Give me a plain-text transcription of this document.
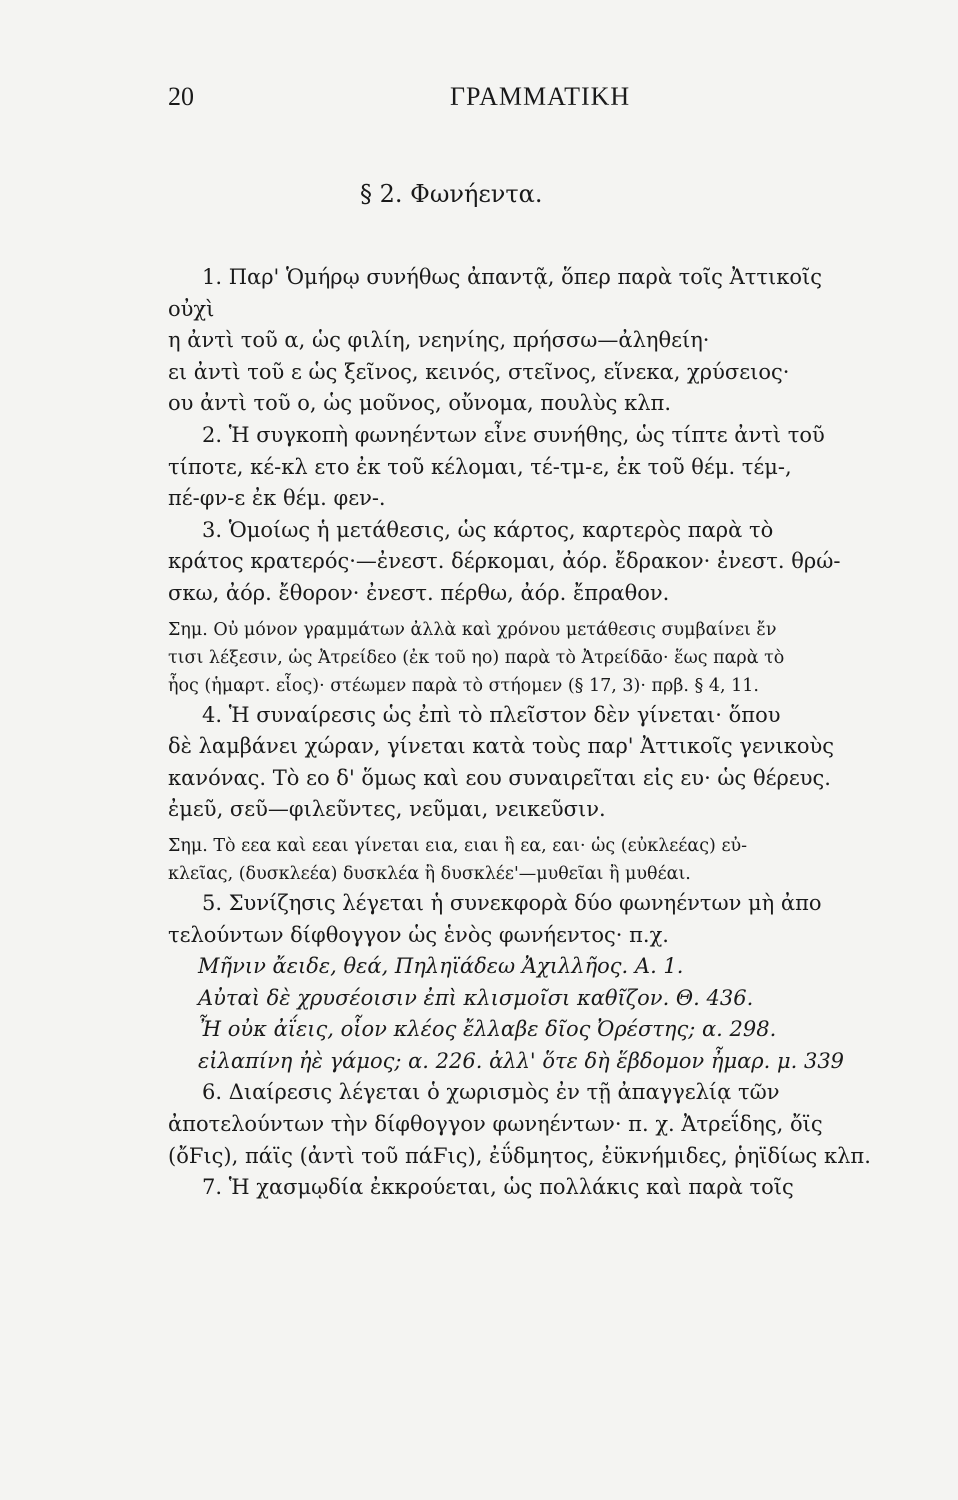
20	ΓΡΑΜΜΑΤΙΚΗ
§ 2. Φωνήεντα.
1. Παρ' Ὁμήρῳ συνήθως ἀπαντᾷ, ὅπερ παρὰ τοῖς Ἀττικοῖς
οὐχὶ
η ἀντὶ τοῦ α, ὡς φιλίη, νεηνίης, πρήσσω—ἀληθείη·
ει ἀντὶ τοῦ ε ὡς ξεῖνος, κεινός, στεῖνος, εἵνεκα, χρύσειος·
ου ἀντὶ τοῦ ο, ὡς μοῦνος, οὔνομα, πουλὺς κλπ.
2. Ἡ συγκοπὴ φωνηέντων εἶνε συνήθης, ὡς τίπτε ἀντὶ τοῦ
τίποτε, κέ-κλ ετο ἐκ τοῦ κέλομαι, τέ-τμ-ε, ἐκ τοῦ θέμ. τέμ-,
πέ-φν-ε ἐκ θέμ. φεν-.
3. Ὁμοίως ἡ μετάθεσις, ὡς κάρτος, καρτερὸς παρὰ τὸ
κράτος κρατερός·—ἐνεστ. δέρκομαι, ἀόρ. ἔδρακον· ἐνεστ. θρώ-
σκω, ἀόρ. ἔθορον· ἐνεστ. πέρθω, ἀόρ. ἔπραθον.
Σημ. Οὐ μόνον γραμμάτων ἀλλὰ καὶ χρόνου μετάθεσις συμβαίνει ἔν
τισι λέξεσιν, ὡς Ἀτρείδεο (ἐκ τοῦ ηο) παρὰ τὸ Ἀτρείδᾱο· ἕως παρὰ τὸ
ἧος (ἡμαρτ. εἷος)· στέωμεν παρὰ τὸ στήομεν (§ 17, 3)· πρβ. § 4, 11.
4. Ἡ συναίρεσις ὡς ἐπὶ τὸ πλεῖστον δὲν γίνεται· ὅπου
δὲ λαμβάνει χώραν, γίνεται κατὰ τοὺς παρ' Ἀττικοῖς γενικοὺς
κανόνας. Τὸ εο δ' ὅμως καὶ εου συναιρεῖται εἰς ευ· ὡς θέρευς.
ἐμεῦ, σεῦ—φιλεῦντες, νεῦμαι, νεικεῦσιν.
Σημ. Τὸ εεα καὶ εεαι γίνεται εια, ειαι ἢ εα, εαι· ὡς (εὐκλεέας) εὐ-
κλεῖας, (δυσκλεέα) δυσκλέα ἢ δυσκλέε'—μυθεῖαι ἢ μυθέαι.
5. Συνίζησις λέγεται ἡ συνεκφορὰ δύο φωνηέντων μὴ ἀπο
τελούντων δίφθογγον ὡς ἑνὸς φωνήεντος· π.χ.
Μῆνιν ἄειδε, θεά, Πηληϊάδεω Ἀχιλλῆος. Α. 1.
Αὐταὶ δὲ χρυσέοισιν ἐπὶ κλισμοῖσι καθῖζον. Θ. 436.
Ἦ οὐκ ἀΐεις, οἷον κλέος ἔλλαβε δῖος Ὀρέστης; α. 298.
εἰλαπίνη ἠὲ γάμος; α. 226. ἀλλ' ὅτε δὴ ἕβδομον ἦμαρ. μ. 339
6. Διαίρεσις λέγεται ὁ χωρισμὸς ἐν τῇ ἀπαγγελίᾳ τῶν
ἀποτελούντων τὴν δίφθογγον φωνηέντων· π. χ. Ἀτρεΐδης, ὄϊς
(ὄϜις), πάϊς (ἀντὶ τοῦ πάϜις), ἐΰδμητος, ἐϋκνήμιδες, ῥηϊδίως κλπ.
7. Ἡ χασμῳδία ἐκκρούεται, ὡς πολλάκις καὶ παρὰ τοῖς
